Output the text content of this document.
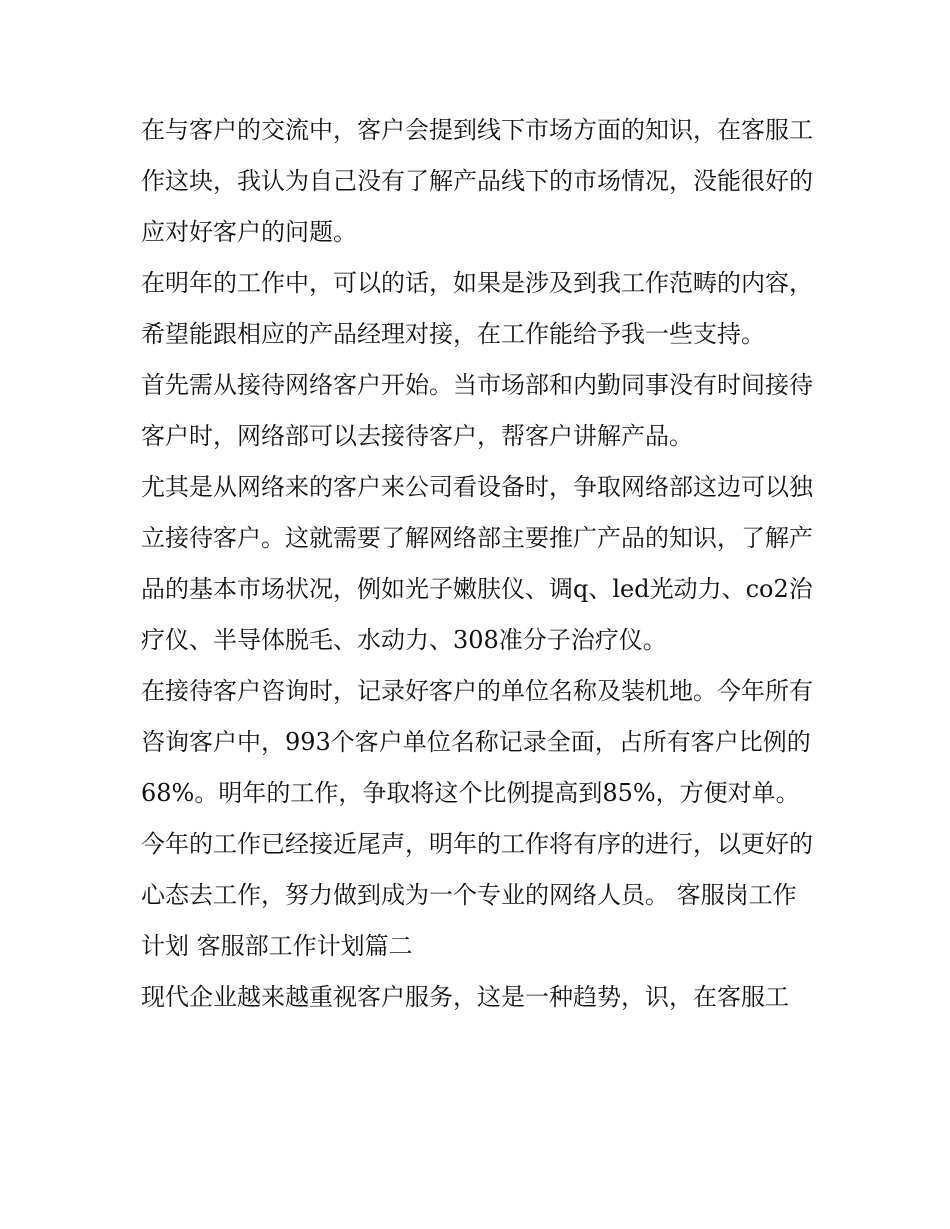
在与客户的交流中，客户会提到线下市场方面的知识，在客服工作这块，我认为自己没有了解产品线下的市场情况，没能很好的应对好客户的问题。

在明年的工作中，可以的话，如果是涉及到我工作范畴的内容，希望能跟相应的产品经理对接，在工作能给予我一些支持。

首先需从接待网络客户开始。当市场部和内勤同事没有时间接待客户时，网络部可以去接待客户，帮客户讲解产品。

尤其是从网络来的客户来公司看设备时，争取网络部这边可以独立接待客户。这就需要了解网络部主要推广产品的知识，了解产品的基本市场状况，例如光子嫩肤仪、调q、led光动力、co2治疗仪、半导体脱毛、水动力、308准分子治疗仪。

在接待客户咨询时，记录好客户的单位名称及装机地。今年所有咨询客户中，993个客户单位名称记录全面，占所有客户比例的68%。明年的工作，争取将这个比例提高到85%，方便对单。

今年的工作已经接近尾声，明年的工作将有序的进行，以更好的心态去工作，努力做到成为一个专业的网络人员。 客服岗工作计划 客服部工作计划篇二

现代企业越来越重视客户服务，这是一种趋势，识，在客服工
